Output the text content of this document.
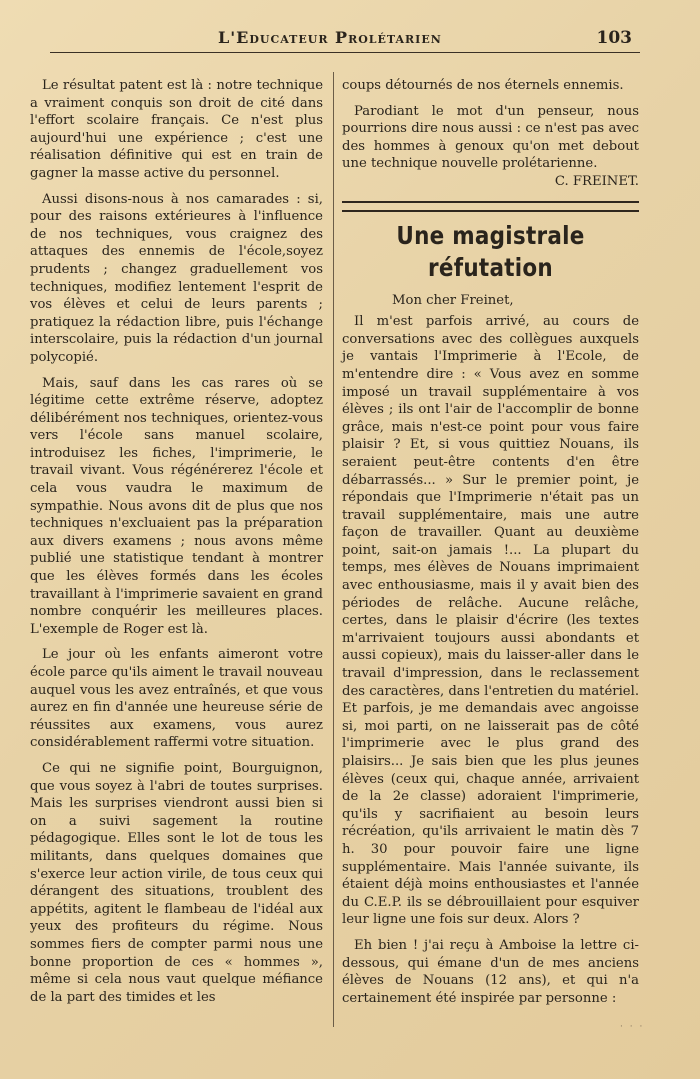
L'Educateur Prolétarien	103

Le résultat patent est là : notre technique a vraiment conquis son droit de cité dans l'effort scolaire français. Ce n'est plus aujourd'hui une expérience ; c'est une réalisation définitive qui est en train de gagner la masse active du personnel.

Aussi disons-nous à nos camarades : si, pour des raisons extérieures à l'influence de nos techniques, vous craignez des attaques des ennemis de l'école,soyez prudents ; changez graduellement vos techniques, modifiez lentement l'esprit de vos élèves et celui de leurs parents ; pratiquez la rédaction libre, puis l'échange interscolaire, puis la rédaction d'un journal polycopié.

Mais, sauf dans les cas rares où se légitime cette extrême réserve, adoptez délibérément nos techniques, orientez-vous vers l'école sans manuel scolaire, introduisez les fiches, l'imprimerie, le travail vivant. Vous régénérerez l'école et cela vous vaudra le maximum de sympathie. Nous avons dit de plus que nos techniques n'excluaient pas la préparation aux divers examens ; nous avons même publié une statistique tendant à montrer que les élèves formés dans les écoles travaillant à l'imprimerie savaient en grand nombre conquérir les meilleures places. L'exemple de Roger est là.

Le jour où les enfants aimeront votre école parce qu'ils aiment le travail nouveau auquel vous les avez entraînés, et que vous aurez en fin d'année une heureuse série de réussites aux examens, vous aurez considérablement raffermi votre situation.

Ce qui ne signifie point, Bourguignon, que vous soyez à l'abri de toutes surprises. Mais les surprises viendront aussi bien si on a suivi sagement la routine pédagogique. Elles sont le lot de tous les militants, dans quelques domaines que s'exerce leur action virile, de tous ceux qui dérangent des situations, troublent des appétits, agitent le flambeau de l'idéal aux yeux des profiteurs du régime. Nous sommes fiers de compter parmi nous une bonne proportion de ces « hommes », même si cela nous vaut quelque méfiance de la part des timides et les

coups détournés de nos éternels ennemis.

Parodiant le mot d'un penseur, nous pourrions dire nous aussi : ce n'est pas avec des hommes à genoux qu'on met debout une technique nouvelle prolétarienne.

C. FREINET.
Une magistrale réfutation

Mon cher Freinet,

Il m'est parfois arrivé, au cours de conversations avec des collègues auxquels je vantais l'Imprimerie à l'Ecole, de m'entendre dire : « Vous avez en somme imposé un travail supplémentaire à vos élèves ; ils ont l'air de l'accomplir de bonne grâce, mais n'est-ce point pour vous faire plaisir ? Et, si vous quittiez Nouans, ils seraient peut-être contents d'en être débarrassés... » Sur le premier point, je répondais que l'Imprimerie n'était pas un travail supplémentaire, mais une autre façon de travailler. Quant au deuxième point, sait-on jamais !... La plupart du temps, mes élèves de Nouans imprimaient avec enthousiasme, mais il y avait bien des périodes de relâche. Aucune relâche, certes, dans le plaisir d'écrire (les textes m'arrivaient toujours aussi abondants et aussi copieux), mais du laisser-aller dans le travail d'impression, dans le reclassement des caractères, dans l'entretien du matériel. Et parfois, je me demandais avec angoisse si, moi parti, on ne laisserait pas de côté l'imprimerie avec le plus grand des plaisirs... Je sais bien que les plus jeunes élèves (ceux qui, chaque année, arrivaient de la 2e classe) adoraient l'imprimerie, qu'ils y sacrifiaient au besoin leurs récréation, qu'ils arrivaient le matin dès 7 h. 30 pour pouvoir faire une ligne supplémentaire. Mais l'année suivante, ils étaient déjà moins enthousiastes et l'année du C.E.P. ils se débrouillaient pour esquiver leur ligne une fois sur deux. Alors ?

Eh bien ! j'ai reçu à Amboise la lettre ci-dessous, qui émane d'un de mes anciens élèves de Nouans (12 ans), et qui n'a certainement été inspirée par personne :

· · ·
